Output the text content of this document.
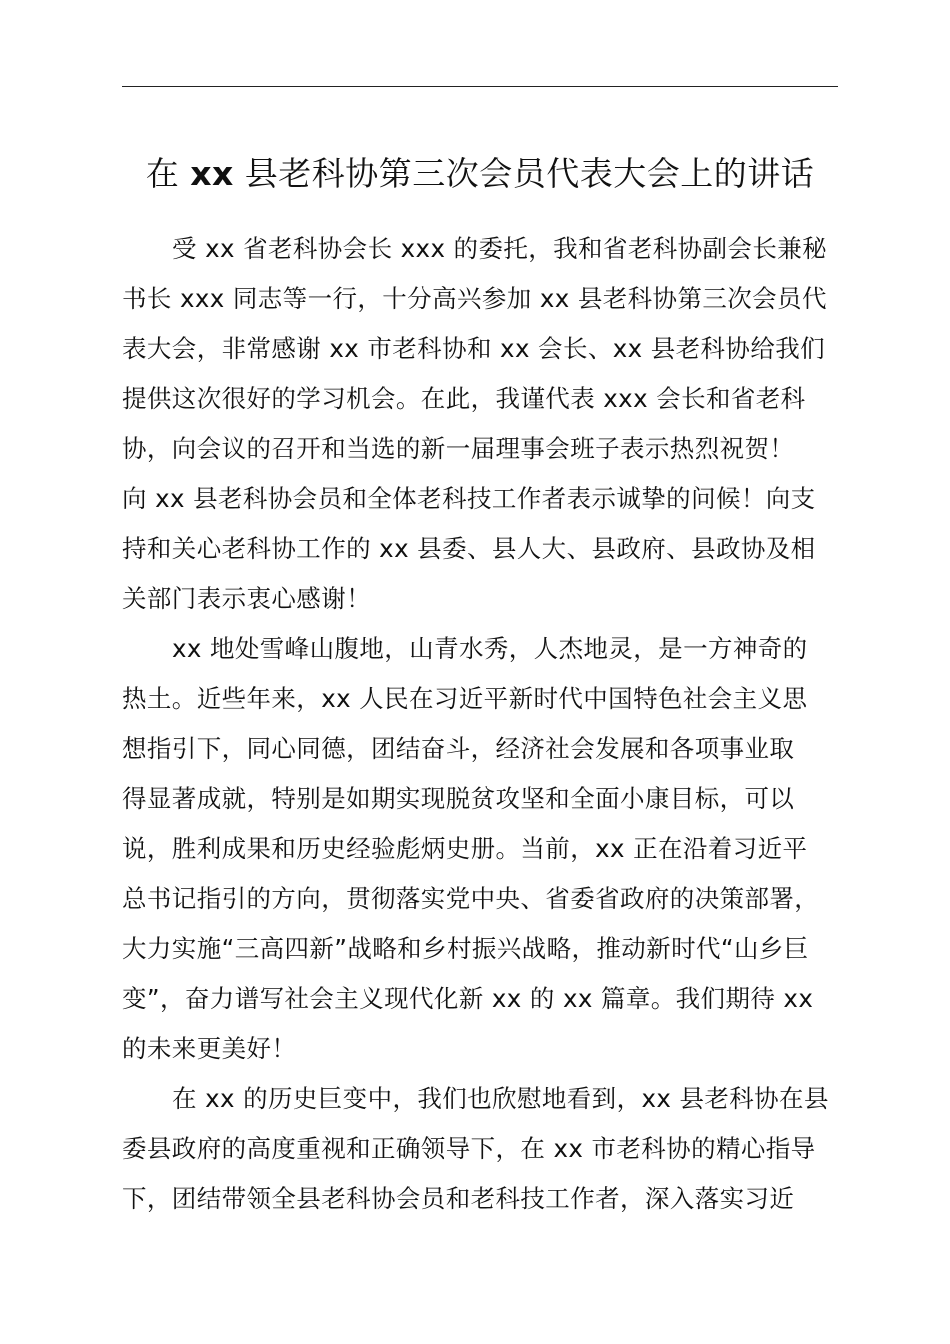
在 xx 县老科协第三次会员代表大会上的讲话

受 xx 省老科协会长 xxx 的委托，我和省老科协副会长兼秘

书长 xxx 同志等一行，十分高兴参加 xx 县老科协第三次会员代

表大会，非常感谢 xx 市老科协和 xx 会长、xx 县老科协给我们

提供这次很好的学习机会。在此，我谨代表 xxx 会长和省老科

协，向会议的召开和当选的新一届理事会班子表示热烈祝贺！

向 xx 县老科协会员和全体老科技工作者表示诚挚的问候！向支

持和关心老科协工作的 xx 县委、县人大、县政府、县政协及相

关部门表示衷心感谢！

xx 地处雪峰山腹地，山青水秀，人杰地灵，是一方神奇的

热土。近些年来，xx 人民在习近平新时代中国特色社会主义思

想指引下，同心同德，团结奋斗，经济社会发展和各项事业取

得显著成就，特别是如期实现脱贫攻坚和全面小康目标，可以

说，胜利成果和历史经验彪炳史册。当前，xx 正在沿着习近平

总书记指引的方向，贯彻落实党中央、省委省政府的决策部署，

大力实施“三高四新”战略和乡村振兴战略，推动新时代“山乡巨

变”，奋力谱写社会主义现代化新 xx 的 xx 篇章。我们期待 xx

的未来更美好！

在 xx 的历史巨变中，我们也欣慰地看到，xx 县老科协在县

委县政府的高度重视和正确领导下，在 xx 市老科协的精心指导

下，团结带领全县老科协会员和老科技工作者，深入落实习近
